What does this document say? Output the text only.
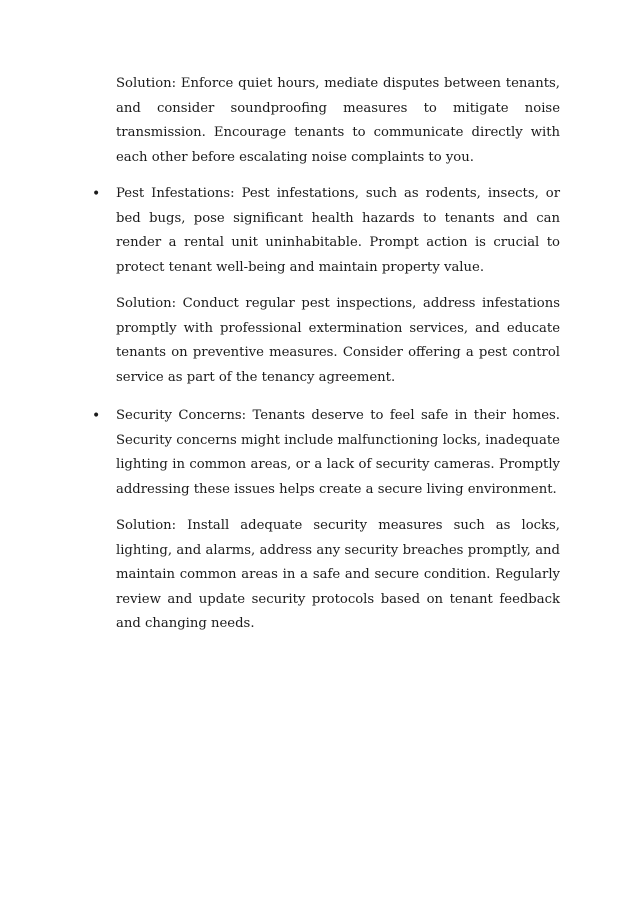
Solution: Enforce quiet hours, mediate disputes between tenants, and consider soundproofing measures to mitigate noise transmission. Encourage tenants to communicate directly with each other before escalating noise complaints to you.

• Pest Infestations: Pest infestations, such as rodents, insects, or bed bugs, pose significant health hazards to tenants and can render a rental unit uninhabitable. Prompt action is crucial to protect tenant well-being and maintain property value.

Solution: Conduct regular pest inspections, address infestations promptly with professional extermination services, and educate tenants on preventive measures. Consider offering a pest control service as part of the tenancy agreement.

• Security Concerns: Tenants deserve to feel safe in their homes. Security concerns might include malfunctioning locks, inadequate lighting in common areas, or a lack of security cameras. Promptly addressing these issues helps create a secure living environment.

Solution: Install adequate security measures such as locks, lighting, and alarms, address any security breaches promptly, and maintain common areas in a safe and secure condition. Regularly review and update security protocols based on tenant feedback and changing needs.
